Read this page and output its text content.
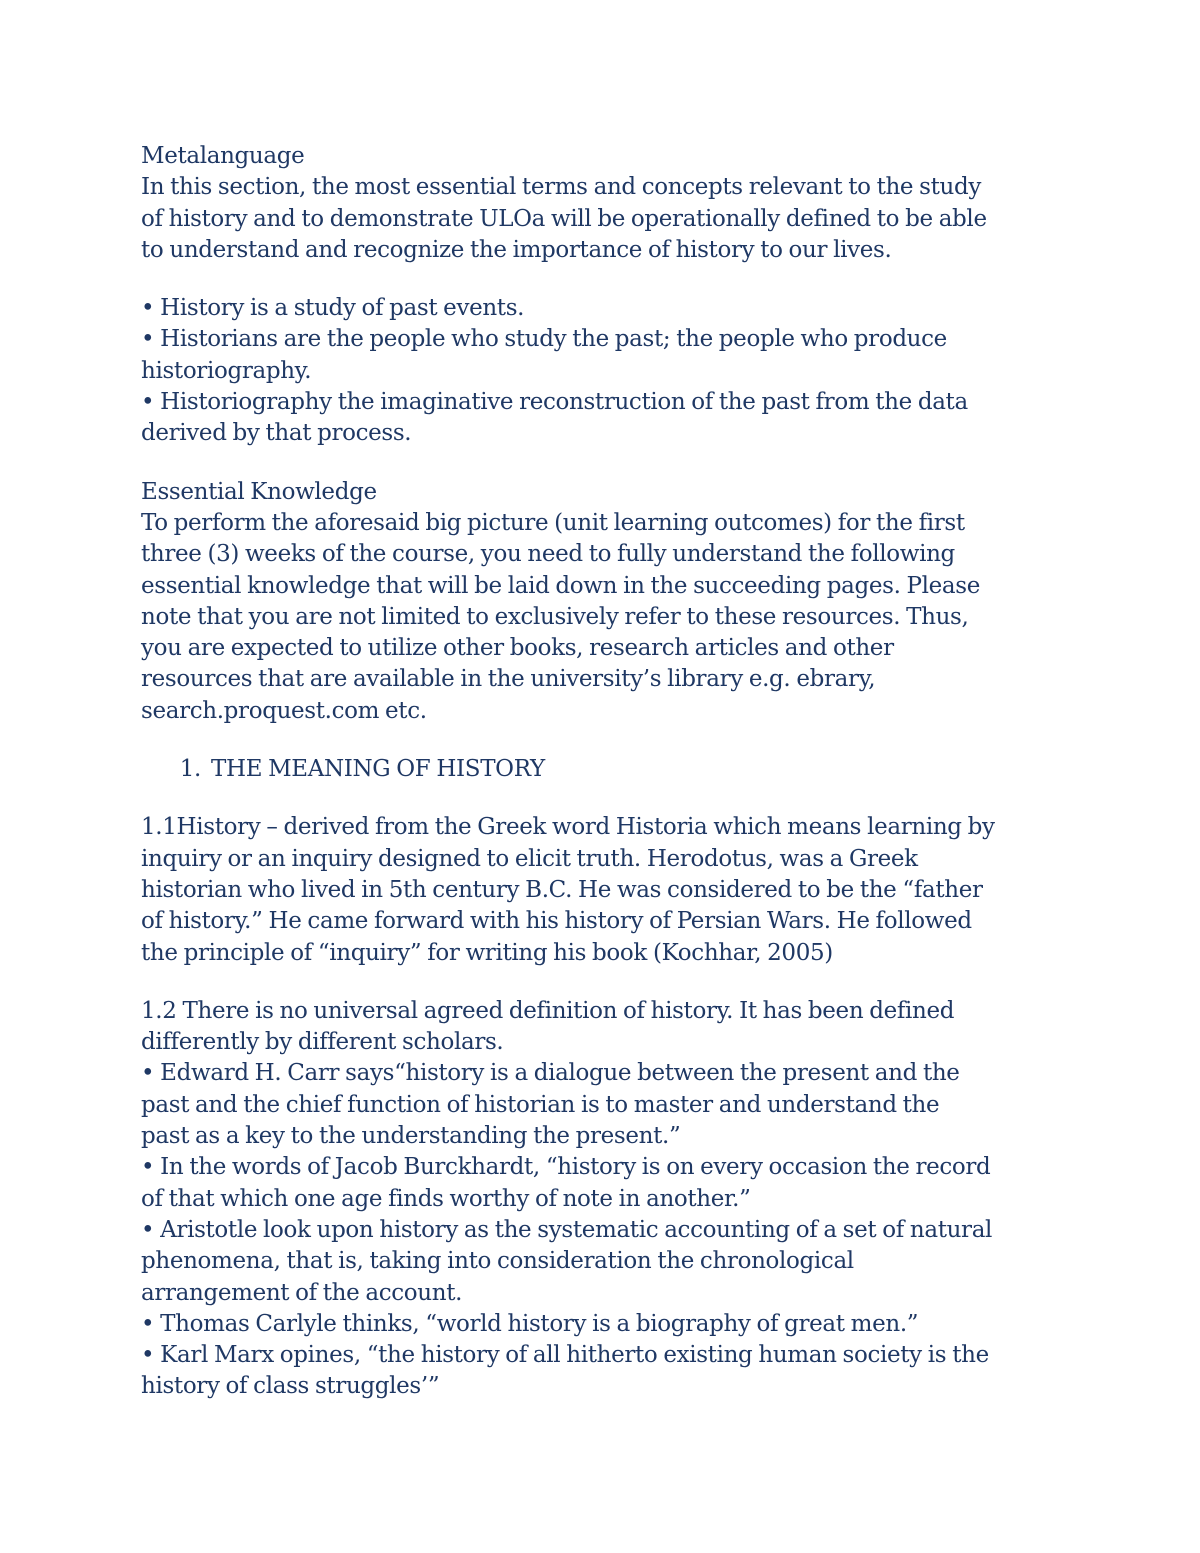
Metalanguage
In this section, the most essential terms and concepts relevant to the study
of history and to demonstrate ULOa will be operationally defined to be able
to understand and recognize the importance of history to our lives.
• History is a study of past events.
• Historians are the people who study the past; the people who produce
historiography.
• Historiography the imaginative reconstruction of the past from the data
derived by that process.
Essential Knowledge
To perform the aforesaid big picture (unit learning outcomes) for the first
three (3) weeks of the course, you need to fully understand the following
essential knowledge that will be laid down in the succeeding pages. Please
note that you are not limited to exclusively refer to these resources. Thus,
you are expected to utilize other books, research articles and other
resources that are available in the university’s library e.g. ebrary,
search.proquest.com etc.
1. THE MEANING OF HISTORY
1.1History – derived from the Greek word Historia which means learning by
inquiry or an inquiry designed to elicit truth. Herodotus, was a Greek
historian who lived in 5th century B.C. He was considered to be the “father
of history.” He came forward with his history of Persian Wars. He followed
the principle of “inquiry” for writing his book (Kochhar, 2005)
1.2 There is no universal agreed definition of history. It has been defined
differently by different scholars.
• Edward H. Carr says“history is a dialogue between the present and the
past and the chief function of historian is to master and understand the
past as a key to the understanding the present.”
• In the words of Jacob Burckhardt, “history is on every occasion the record
of that which one age finds worthy of note in another.”
• Aristotle look upon history as the systematic accounting of a set of natural
phenomena, that is, taking into consideration the chronological
arrangement of the account.
• Thomas Carlyle thinks, “world history is a biography of great men.”
• Karl Marx opines, “the history of all hitherto existing human society is the
history of class struggles’”
